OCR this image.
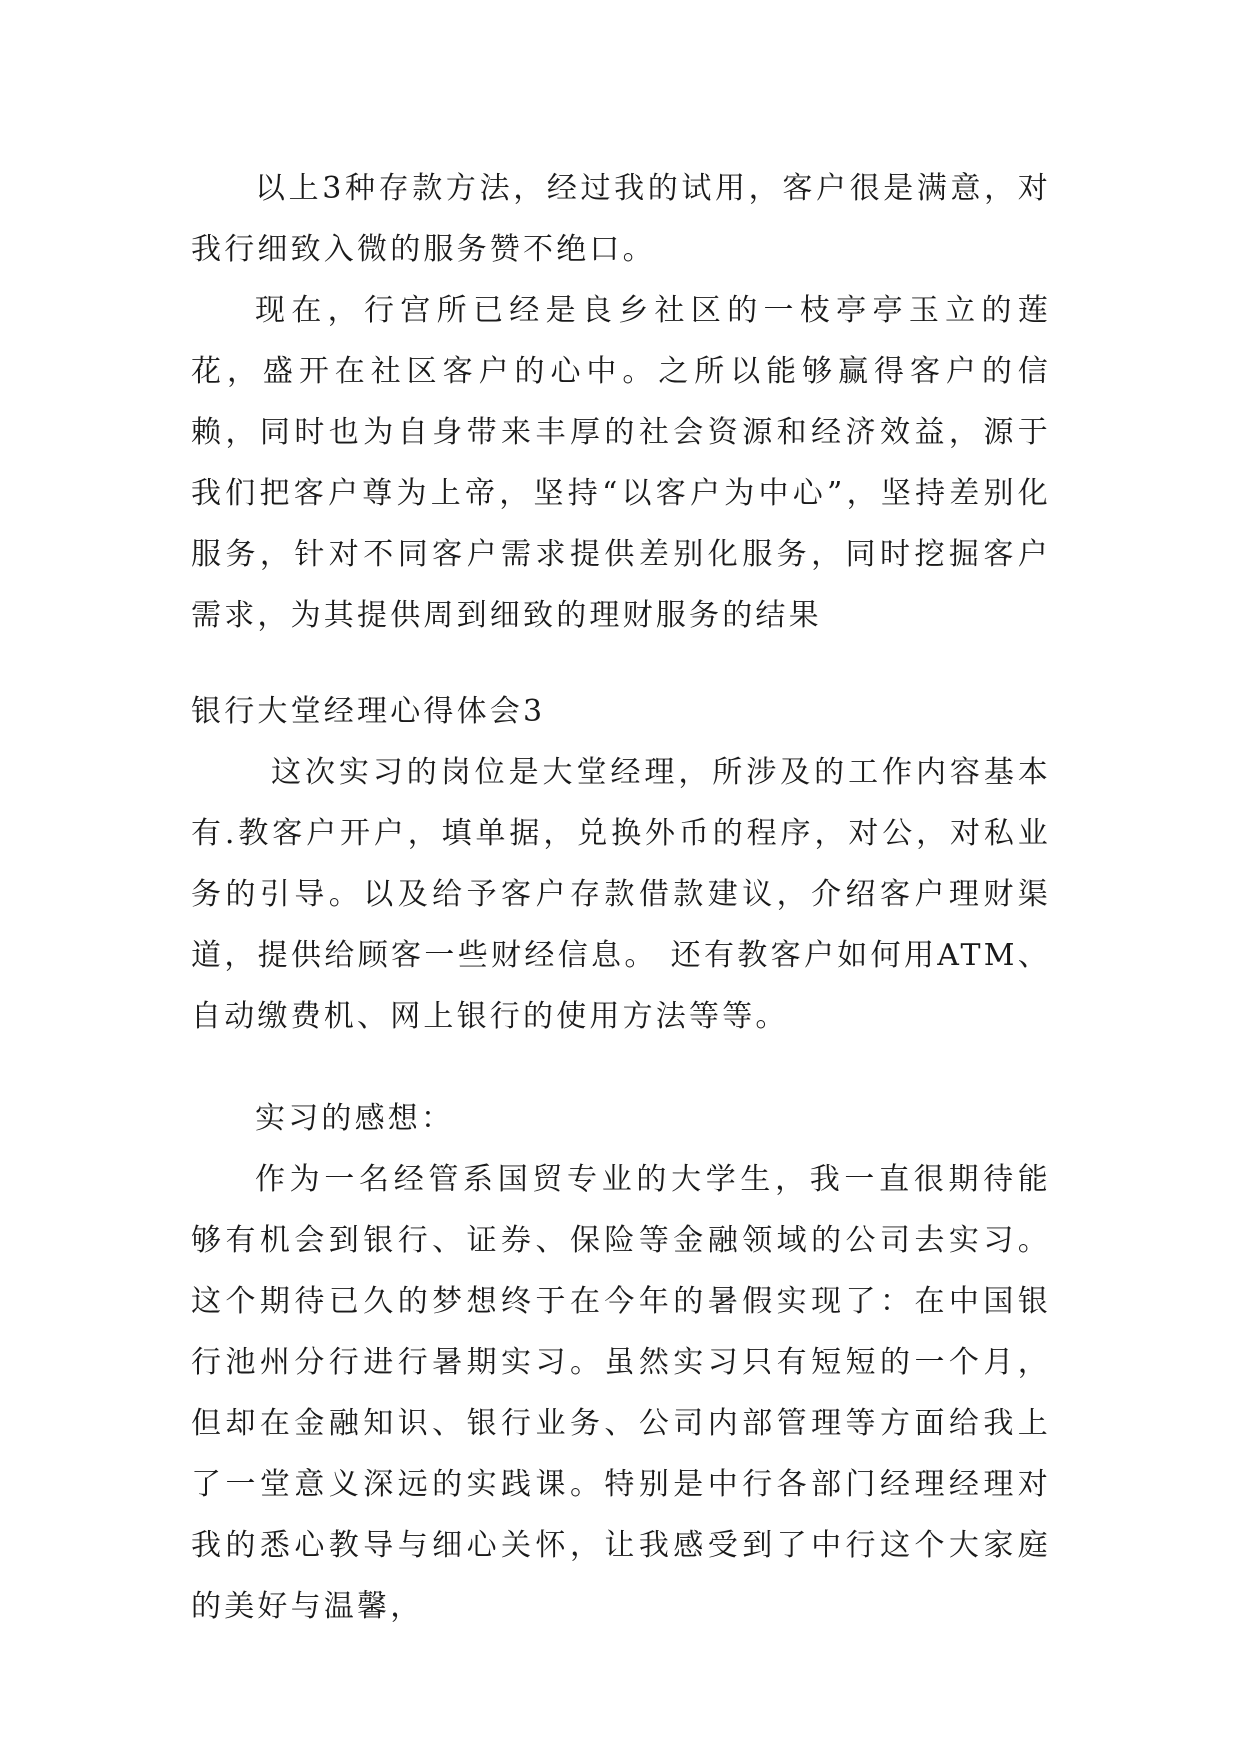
以上3种存款方法，经过我的试用，客户很是满意，对我行细致入微的服务赞不绝口。

现在，行宫所已经是良乡社区的一枝亭亭玉立的莲花，盛开在社区客户的心中。之所以能够赢得客户的信赖，同时也为自身带来丰厚的社会资源和经济效益，源于我们把客户尊为上帝，坚持“以客户为中心”，坚持差别化服务，针对不同客户需求提供差别化服务，同时挖掘客户需求，为其提供周到细致的理财服务的结果

银行大堂经理心得体会3

这次实习的岗位是大堂经理，所涉及的工作内容基本有.教客户开户，填单据，兑换外币的程序，对公，对私业务的引导。以及给予客户存款借款建议，介绍客户理财渠道，提供给顾客一些财经信息。 还有教客户如何用ATM、自动缴费机、网上银行的使用方法等等。

实习的感想：

作为一名经管系国贸专业的大学生，我一直很期待能够有机会到银行、证券、保险等金融领域的公司去实习。这个期待已久的梦想终于在今年的暑假实现了：在中国银行池州分行进行暑期实习。虽然实习只有短短的一个月，但却在金融知识、银行业务、公司内部管理等方面给我上了一堂意义深远的实践课。特别是中行各部门经理经理对我的悉心教导与细心关怀，让我感受到了中行这个大家庭的美好与温馨，
